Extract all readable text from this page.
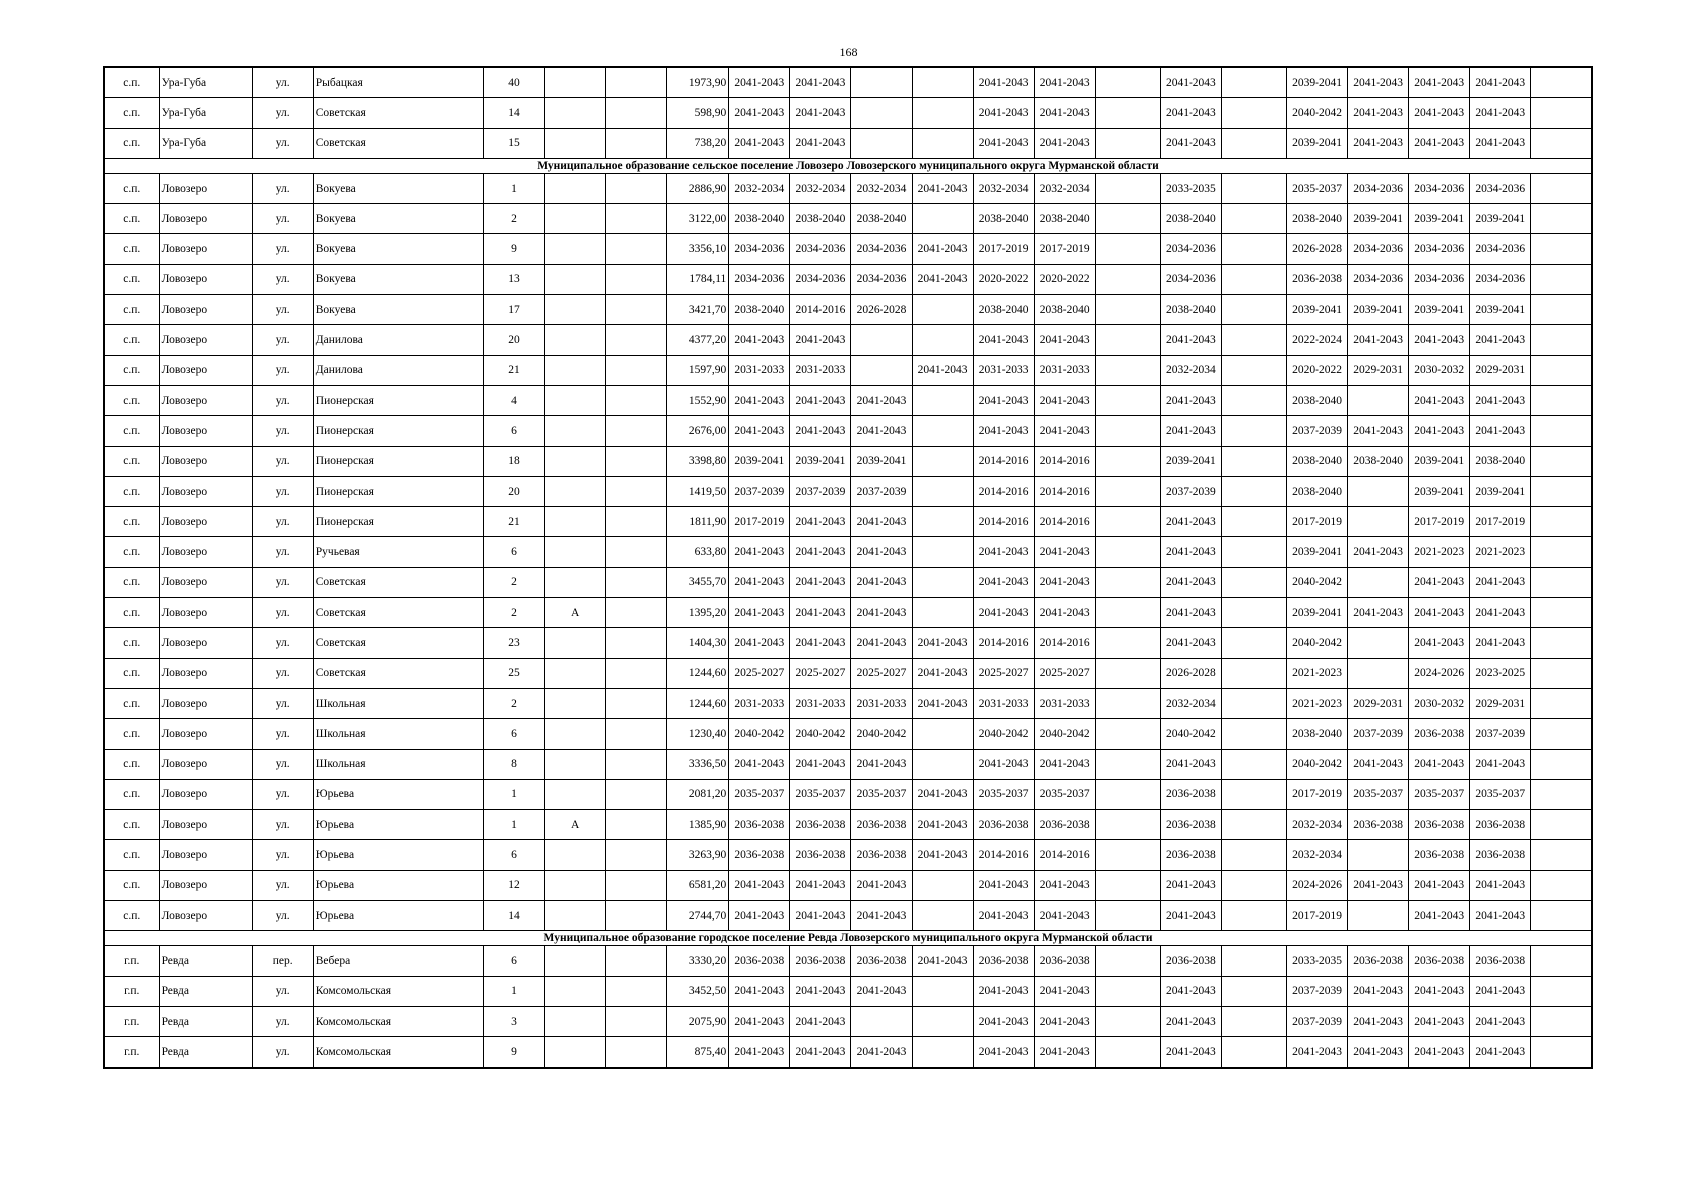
168
с.п.	Ура-Губа	ул.	Рыбацкая	40			1973,90	2041-2043	2041-2043			2041-2043	2041-2043		2041-2043		2039-2041	2041-2043	2041-2043	2041-2043	
с.п.	Ура-Губа	ул.	Советская	14			598,90	2041-2043	2041-2043			2041-2043	2041-2043		2041-2043		2040-2042	2041-2043	2041-2043	2041-2043	
с.п.	Ура-Губа	ул.	Советская	15			738,20	2041-2043	2041-2043			2041-2043	2041-2043		2041-2043		2039-2041	2041-2043	2041-2043	2041-2043	
Муниципальное образование сельское поселение Ловозеро Ловозерского муниципального округа Мурманской области																					
с.п.	Ловозеро	ул.	Вокуева	1			2886,90	2032-2034	2032-2034	2032-2034	2041-2043	2032-2034	2032-2034		2033-2035		2035-2037	2034-2036	2034-2036	2034-2036	
с.п.	Ловозеро	ул.	Вокуева	2			3122,00	2038-2040	2038-2040	2038-2040		2038-2040	2038-2040		2038-2040		2038-2040	2039-2041	2039-2041	2039-2041	
с.п.	Ловозеро	ул.	Вокуева	9			3356,10	2034-2036	2034-2036	2034-2036	2041-2043	2017-2019	2017-2019		2034-2036		2026-2028	2034-2036	2034-2036	2034-2036	
с.п.	Ловозеро	ул.	Вокуева	13			1784,11	2034-2036	2034-2036	2034-2036	2041-2043	2020-2022	2020-2022		2034-2036		2036-2038	2034-2036	2034-2036	2034-2036	
с.п.	Ловозеро	ул.	Вокуева	17			3421,70	2038-2040	2014-2016	2026-2028		2038-2040	2038-2040		2038-2040		2039-2041	2039-2041	2039-2041	2039-2041	
с.п.	Ловозеро	ул.	Данилова	20			4377,20	2041-2043	2041-2043			2041-2043	2041-2043		2041-2043		2022-2024	2041-2043	2041-2043	2041-2043	
с.п.	Ловозеро	ул.	Данилова	21			1597,90	2031-2033	2031-2033		2041-2043	2031-2033	2031-2033		2032-2034		2020-2022	2029-2031	2030-2032	2029-2031	
с.п.	Ловозеро	ул.	Пионерская	4			1552,90	2041-2043	2041-2043	2041-2043		2041-2043	2041-2043		2041-2043		2038-2040		2041-2043	2041-2043	
с.п.	Ловозеро	ул.	Пионерская	6			2676,00	2041-2043	2041-2043	2041-2043		2041-2043	2041-2043		2041-2043		2037-2039	2041-2043	2041-2043	2041-2043	
с.п.	Ловозеро	ул.	Пионерская	18			3398,80	2039-2041	2039-2041	2039-2041		2014-2016	2014-2016		2039-2041		2038-2040	2038-2040	2039-2041	2038-2040	
с.п.	Ловозеро	ул.	Пионерская	20			1419,50	2037-2039	2037-2039	2037-2039		2014-2016	2014-2016		2037-2039		2038-2040		2039-2041	2039-2041	
с.п.	Ловозеро	ул.	Пионерская	21			1811,90	2017-2019	2041-2043	2041-2043		2014-2016	2014-2016		2041-2043		2017-2019		2017-2019	2017-2019	
с.п.	Ловозеро	ул.	Ручьевая	6			633,80	2041-2043	2041-2043	2041-2043		2041-2043	2041-2043		2041-2043		2039-2041	2041-2043	2021-2023	2021-2023	
с.п.	Ловозеро	ул.	Советская	2			3455,70	2041-2043	2041-2043	2041-2043		2041-2043	2041-2043		2041-2043		2040-2042		2041-2043	2041-2043	
с.п.	Ловозеро	ул.	Советская	2	А		1395,20	2041-2043	2041-2043	2041-2043		2041-2043	2041-2043		2041-2043		2039-2041	2041-2043	2041-2043	2041-2043	
с.п.	Ловозеро	ул.	Советская	23			1404,30	2041-2043	2041-2043	2041-2043	2041-2043	2014-2016	2014-2016		2041-2043		2040-2042		2041-2043	2041-2043	
с.п.	Ловозеро	ул.	Советская	25			1244,60	2025-2027	2025-2027	2025-2027	2041-2043	2025-2027	2025-2027		2026-2028		2021-2023		2024-2026	2023-2025	
с.п.	Ловозеро	ул.	Школьная	2			1244,60	2031-2033	2031-2033	2031-2033	2041-2043	2031-2033	2031-2033		2032-2034		2021-2023	2029-2031	2030-2032	2029-2031	
с.п.	Ловозеро	ул.	Школьная	6			1230,40	2040-2042	2040-2042	2040-2042		2040-2042	2040-2042		2040-2042		2038-2040	2037-2039	2036-2038	2037-2039	
с.п.	Ловозеро	ул.	Школьная	8			3336,50	2041-2043	2041-2043	2041-2043		2041-2043	2041-2043		2041-2043		2040-2042	2041-2043	2041-2043	2041-2043	
с.п.	Ловозеро	ул.	Юрьева	1			2081,20	2035-2037	2035-2037	2035-2037	2041-2043	2035-2037	2035-2037		2036-2038		2017-2019	2035-2037	2035-2037	2035-2037	
с.п.	Ловозеро	ул.	Юрьева	1	А		1385,90	2036-2038	2036-2038	2036-2038	2041-2043	2036-2038	2036-2038		2036-2038		2032-2034	2036-2038	2036-2038	2036-2038	
с.п.	Ловозеро	ул.	Юрьева	6			3263,90	2036-2038	2036-2038	2036-2038	2041-2043	2014-2016	2014-2016		2036-2038		2032-2034		2036-2038	2036-2038	
с.п.	Ловозеро	ул.	Юрьева	12			6581,20	2041-2043	2041-2043	2041-2043		2041-2043	2041-2043		2041-2043		2024-2026	2041-2043	2041-2043	2041-2043	
с.п.	Ловозеро	ул.	Юрьева	14			2744,70	2041-2043	2041-2043	2041-2043		2041-2043	2041-2043		2041-2043		2017-2019		2041-2043	2041-2043	
Муниципальное образование городское поселение Ревда Ловозерского муниципального округа Мурманской области																					
г.п.	Ревда	пер.	Вебера	6			3330,20	2036-2038	2036-2038	2036-2038	2041-2043	2036-2038	2036-2038		2036-2038		2033-2035	2036-2038	2036-2038	2036-2038	
г.п.	Ревда	ул.	Комсомольская	1			3452,50	2041-2043	2041-2043	2041-2043		2041-2043	2041-2043		2041-2043		2037-2039	2041-2043	2041-2043	2041-2043	
г.п.	Ревда	ул.	Комсомольская	3			2075,90	2041-2043	2041-2043			2041-2043	2041-2043		2041-2043		2037-2039	2041-2043	2041-2043	2041-2043	
г.п.	Ревда	ул.	Комсомольская	9			875,40	2041-2043	2041-2043	2041-2043		2041-2043	2041-2043		2041-2043		2041-2043	2041-2043	2041-2043	2041-2043	
